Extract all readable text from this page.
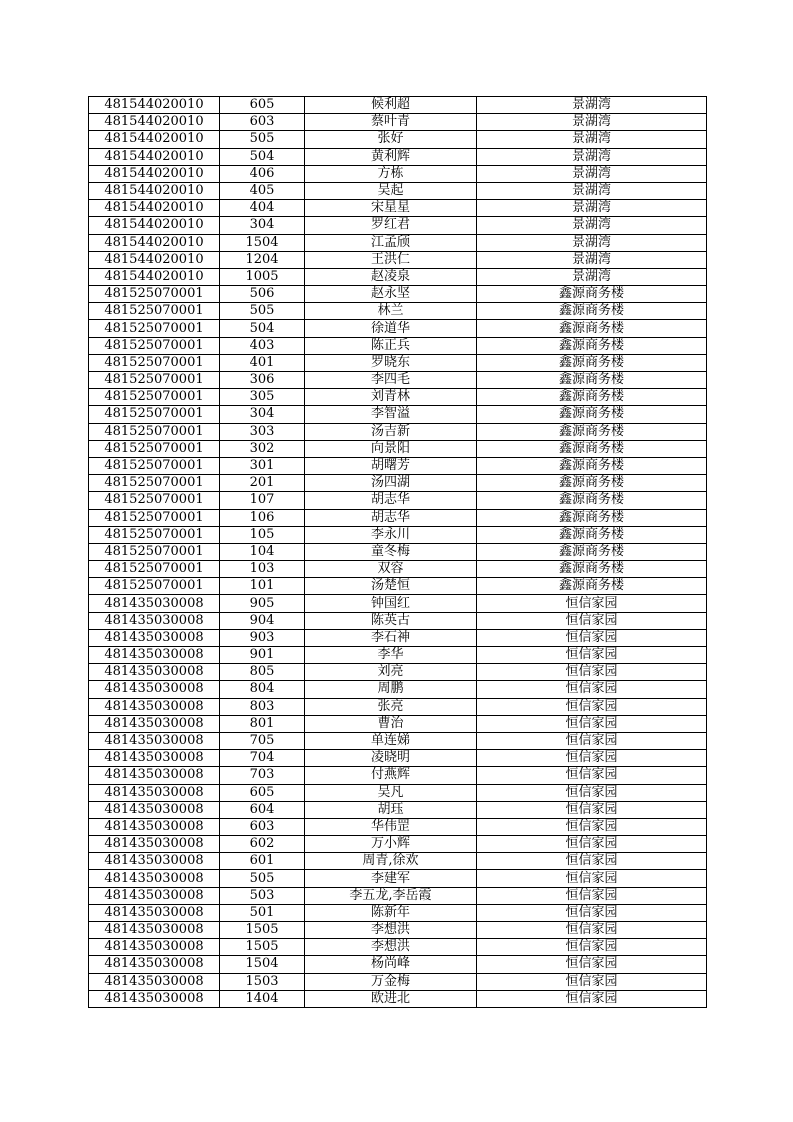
481544020010	605	候利超	景湖湾
481544020010	603	蔡叶青	景湖湾
481544020010	505	张好	景湖湾
481544020010	504	黄利辉	景湖湾
481544020010	406	方栋	景湖湾
481544020010	405	吴起	景湖湾
481544020010	404	宋星星	景湖湾
481544020010	304	罗红君	景湖湾
481544020010	1504	江孟颀	景湖湾
481544020010	1204	王洪仁	景湖湾
481544020010	1005	赵凌泉	景湖湾
481525070001	506	赵永坚	鑫源商务楼
481525070001	505	林兰	鑫源商务楼
481525070001	504	徐道华	鑫源商务楼
481525070001	403	陈正兵	鑫源商务楼
481525070001	401	罗晓东	鑫源商务楼
481525070001	306	李四毛	鑫源商务楼
481525070001	305	刘青林	鑫源商务楼
481525070001	304	李智溢	鑫源商务楼
481525070001	303	汤吉新	鑫源商务楼
481525070001	302	向景阳	鑫源商务楼
481525070001	301	胡曙芳	鑫源商务楼
481525070001	201	汤四湖	鑫源商务楼
481525070001	107	胡志华	鑫源商务楼
481525070001	106	胡志华	鑫源商务楼
481525070001	105	李永川	鑫源商务楼
481525070001	104	童冬梅	鑫源商务楼
481525070001	103	双容	鑫源商务楼
481525070001	101	汤楚恒	鑫源商务楼
481435030008	905	钟国红	恒信家园
481435030008	904	陈英古	恒信家园
481435030008	903	李石神	恒信家园
481435030008	901	李华	恒信家园
481435030008	805	刘亮	恒信家园
481435030008	804	周鹏	恒信家园
481435030008	803	张亮	恒信家园
481435030008	801	曹治	恒信家园
481435030008	705	单连娣	恒信家园
481435030008	704	凌晓明	恒信家园
481435030008	703	付燕辉	恒信家园
481435030008	605	吴凡	恒信家园
481435030008	604	胡珏	恒信家园
481435030008	603	华伟罡	恒信家园
481435030008	602	万小辉	恒信家园
481435030008	601	周青,徐欢	恒信家园
481435030008	505	李建军	恒信家园
481435030008	503	李五龙,李岳霞	恒信家园
481435030008	501	陈新年	恒信家园
481435030008	1505	李想洪	恒信家园
481435030008	1505	李想洪	恒信家园
481435030008	1504	杨尚峰	恒信家园
481435030008	1503	万金梅	恒信家园
481435030008	1404	欧进北	恒信家园
